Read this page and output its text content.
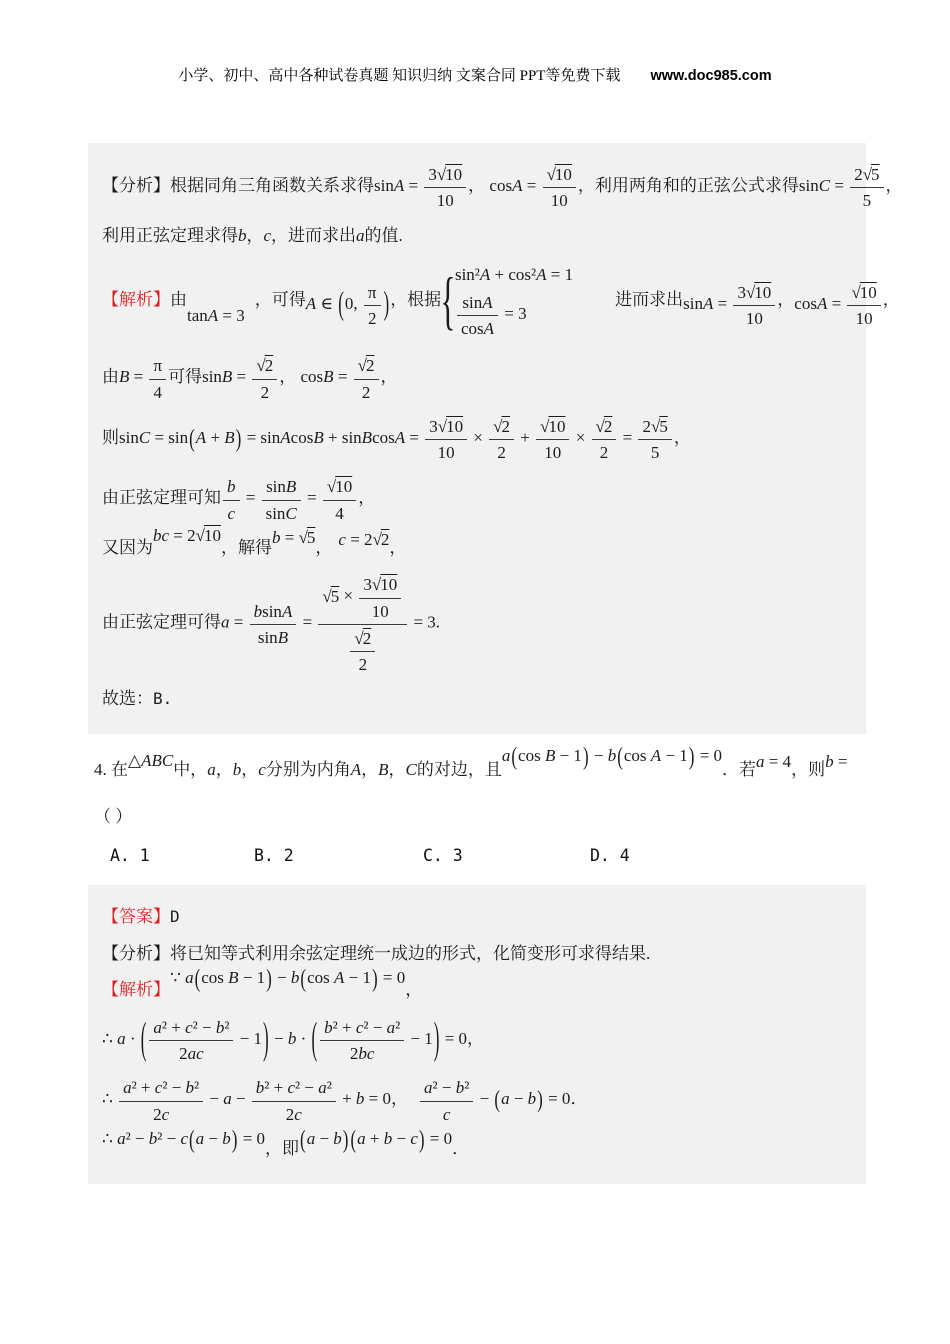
小学、初中、高中各种试卷真题 知识归纳 文案合同 PPT等免费下载 www.doc985.com
【分析】根据同角三角函数关系求得$\sin A = \frac{3√10}{10}$ ， $\cos A = \frac{√10}{10}$ ，利用两角和的正弦公式求得$\sin C = \frac{2√5}{5}$ ，
利用正弦定理求得b，c，进而求出a的值.
【解析】由tanA = 3，可得A ∈ (0, $\frac{\pi}{2}$ )，根据 { sin²A + cos²A = 1
$\frac{\sin A}{\cos A} = 3$
进而求出$\sin A = \frac{3√10}{10}$ ，$\cos A = \frac{√10}{10}$ ，
由$B = \frac{\pi}{4}$ 可得$\sin B = \frac{√2}{2}$ ， $\cos B = \frac{√2}{2}$ ，
则sinC = sin(A + B) = sinAcosB + sinBcosA = $\frac{3√10}{10} \times \frac{√2}{2} + \frac{√10}{10} \times \frac{√2}{2} = \frac{2√5}{5}$ ，
由正弦定理可知 $\frac{b}{c} = \frac{\sin B}{\sin C} = \frac{√10}{4}$ ，
又因为bc = 2√10，解得b = √5， c = 2√2，
由正弦定理可得$a = \frac{bsinA}{\sin B} = \frac{√5 \times \frac{3√10}{10}}{\frac{√2}{2}} = 3$.
故选：B.
4. 在△ABC中，a，b，c分别为内角A，B，C的对边，且a(cos B − 1) − b(cos A − 1) = 0．若a = 4，则b =
（ ）
A. 1	B. 2	C. 3	D. 4
【答案】D
【分析】将已知等式利用余弦定理统一成边的形式，化简变形可求得结果.
【解析】∵ a(cos B − 1) − b(cos A − 1) = 0，
∴ a · ( $\frac{\text{a² + c² − b²}}{2ac} - 1) - b$ · ( $\frac{\text{b² + c² − a²}}{2bc} - 1) = 0$，
∴ $\frac{\text{a² + c² − b²}}{2c} - a - \frac{\text{b² + c² − a²}}{2c} + b = 0$， $\frac{\text{a² − b²}}{c} - (a - b) = 0$．
∴ a² − b² − c(a − b) = 0，即(a − b) (a + b − c) = 0．
